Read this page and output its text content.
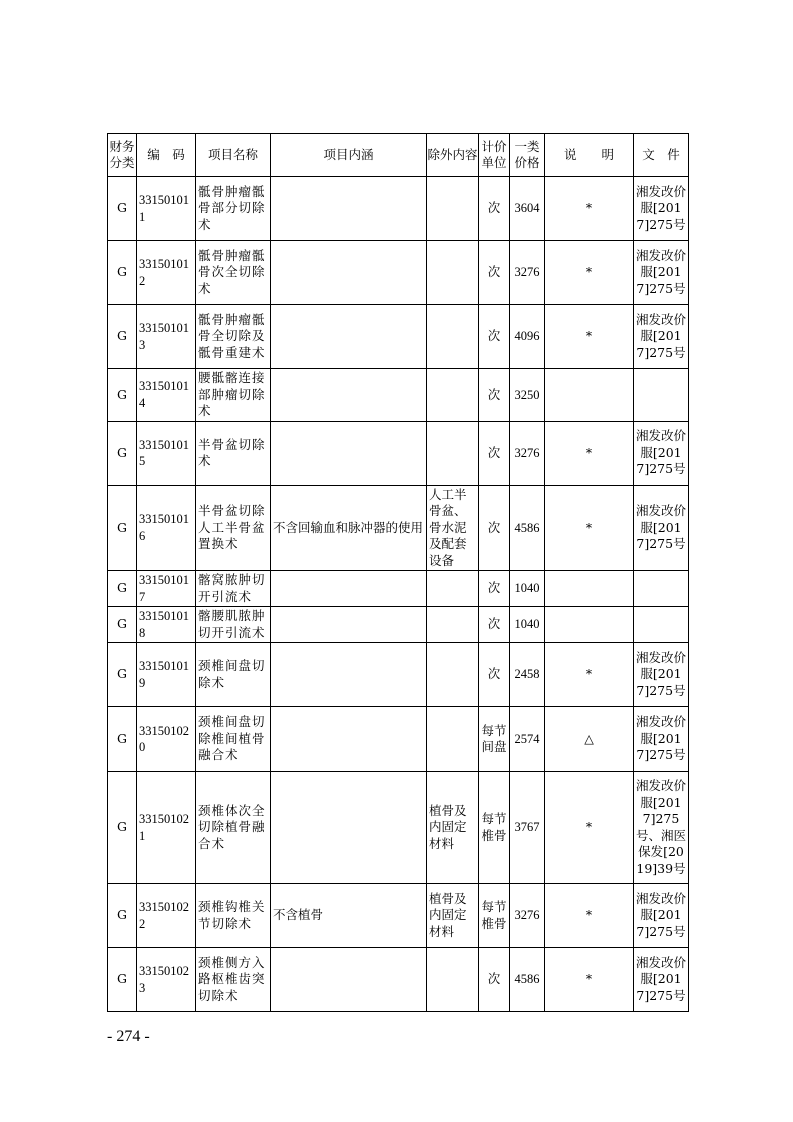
财务分类	编　码	项目名称	项目内涵	除外内容	计价单位	一类价格	说　　明	文　件
G	331501011	骶骨肿瘤骶骨部分切除术			次	3604	*	湘发改价服[2017]275号
G	331501012	骶骨肿瘤骶骨次全切除术			次	3276	*	湘发改价服[2017]275号
G	331501013	骶骨肿瘤骶骨全切除及骶骨重建术			次	4096	*	湘发改价服[2017]275号
G	331501014	腰骶髂连接部肿瘤切除术			次	3250		
G	331501015	半骨盆切除术			次	3276	*	湘发改价服[2017]275号
G	331501016	半骨盆切除人工半骨盆置换术	不含回输血和脉冲器的使用	人工半骨盆、骨水泥及配套设备	次	4586	*	湘发改价服[2017]275号
G	331501017	髂窝脓肿切开引流术			次	1040		
G	331501018	髂腰肌脓肿切开引流术			次	1040		
G	331501019	颈椎间盘切除术			次	2458	*	湘发改价服[2017]275号
G	331501020	颈椎间盘切除椎间植骨融合术			每节间盘	2574	△	湘发改价服[2017]275号
G	331501021	颈椎体次全切除植骨融合术		植骨及内固定材料	每节椎骨	3767	*	湘发改价服[2017]275号、湘医保发[2019]39号
G	331501022	颈椎钩椎关节切除术	不含植骨	植骨及内固定材料	每节椎骨	3276	*	湘发改价服[2017]275号
G	331501023	颈椎侧方入路枢椎齿突切除术			次	4586	*	湘发改价服[2017]275号
- 274 -
